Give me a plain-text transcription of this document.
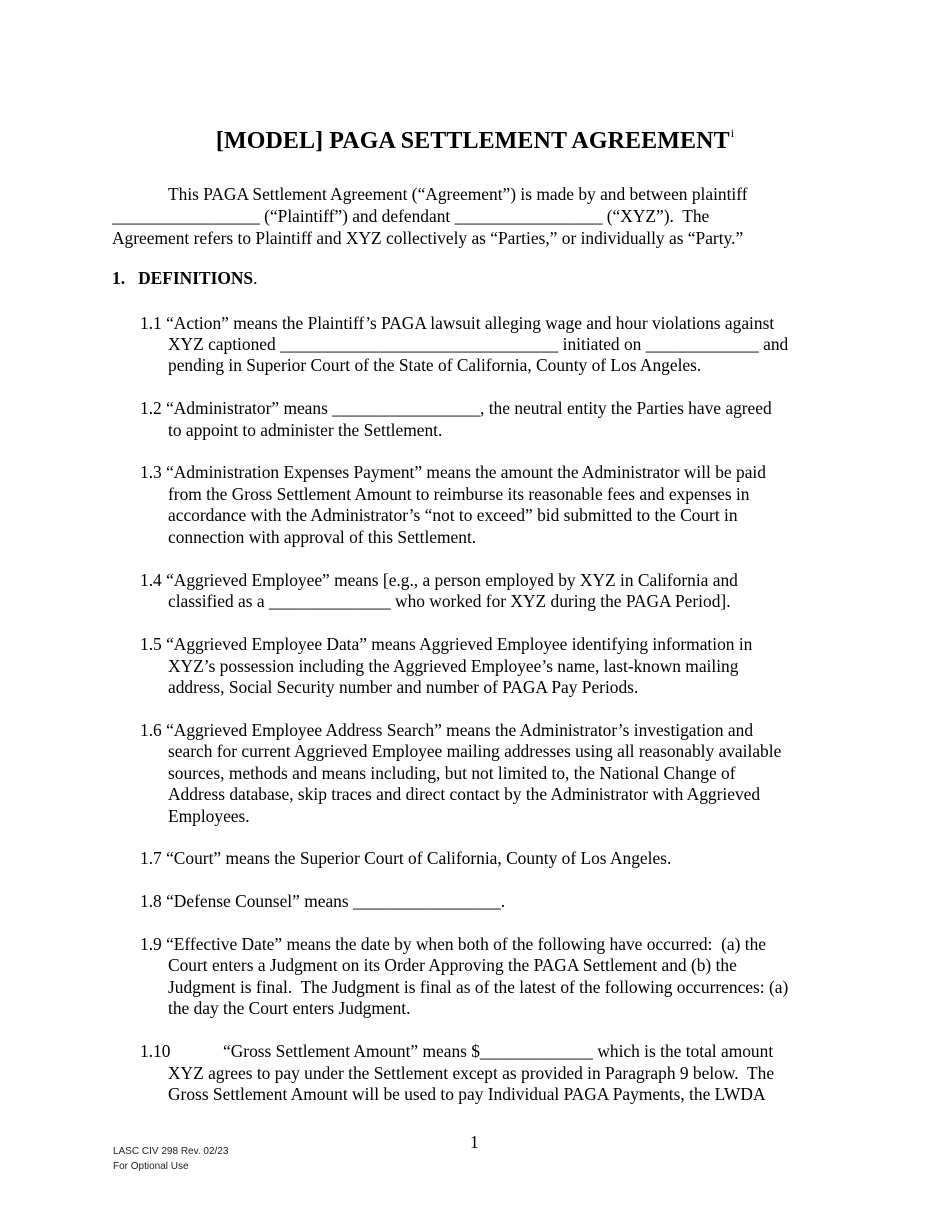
[MODEL] PAGA SETTLEMENT AGREEMENT$^i$
This PAGA Settlement Agreement (“Agreement”) is made by and between plaintiff
_________________ (“Plaintiff”) and defendant _________________ (“XYZ”).  The
Agreement refers to Plaintiff and XYZ collectively as “Parties,” or individually as “Party.”
1. DEFINITIONS.
1.1 “Action” means the Plaintiff’s PAGA lawsuit alleging wage and hour violations against
XYZ captioned ________________________________ initiated on _____________ and
pending in Superior Court of the State of California, County of Los Angeles.
1.2 “Administrator” means _________________, the neutral entity the Parties have agreed
to appoint to administer the Settlement.
1.3 “Administration Expenses Payment” means the amount the Administrator will be paid
from the Gross Settlement Amount to reimburse its reasonable fees and expenses in
accordance with the Administrator’s “not to exceed” bid submitted to the Court in
connection with approval of this Settlement.
1.4 “Aggrieved Employee” means [e.g., a person employed by XYZ in California and
classified as a ______________ who worked for XYZ during the PAGA Period].
1.5 “Aggrieved Employee Data” means Aggrieved Employee identifying information in
XYZ’s possession including the Aggrieved Employee’s name, last-known mailing
address, Social Security number and number of PAGA Pay Periods.
1.6 “Aggrieved Employee Address Search” means the Administrator’s investigation and
search for current Aggrieved Employee mailing addresses using all reasonably available
sources, methods and means including, but not limited to, the National Change of
Address database, skip traces and direct contact by the Administrator with Aggrieved
Employees.
1.7 “Court” means the Superior Court of California, County of Los Angeles.
1.8 “Defense Counsel” means _________________.
1.9 “Effective Date” means the date by when both of the following have occurred:  (a) the
Court enters a Judgment on its Order Approving the PAGA Settlement and (b) the
Judgment is final.  The Judgment is final as of the latest of the following occurrences: (a)
the day the Court enters Judgment.
1.10	“Gross Settlement Amount” means $_____________ which is the total amount
XYZ agrees to pay under the Settlement except as provided in Paragraph 9 below.  The
Gross Settlement Amount will be used to pay Individual PAGA Payments, the LWDA
1
LASC CIV 298 Rev. 02/23
For Optional Use
